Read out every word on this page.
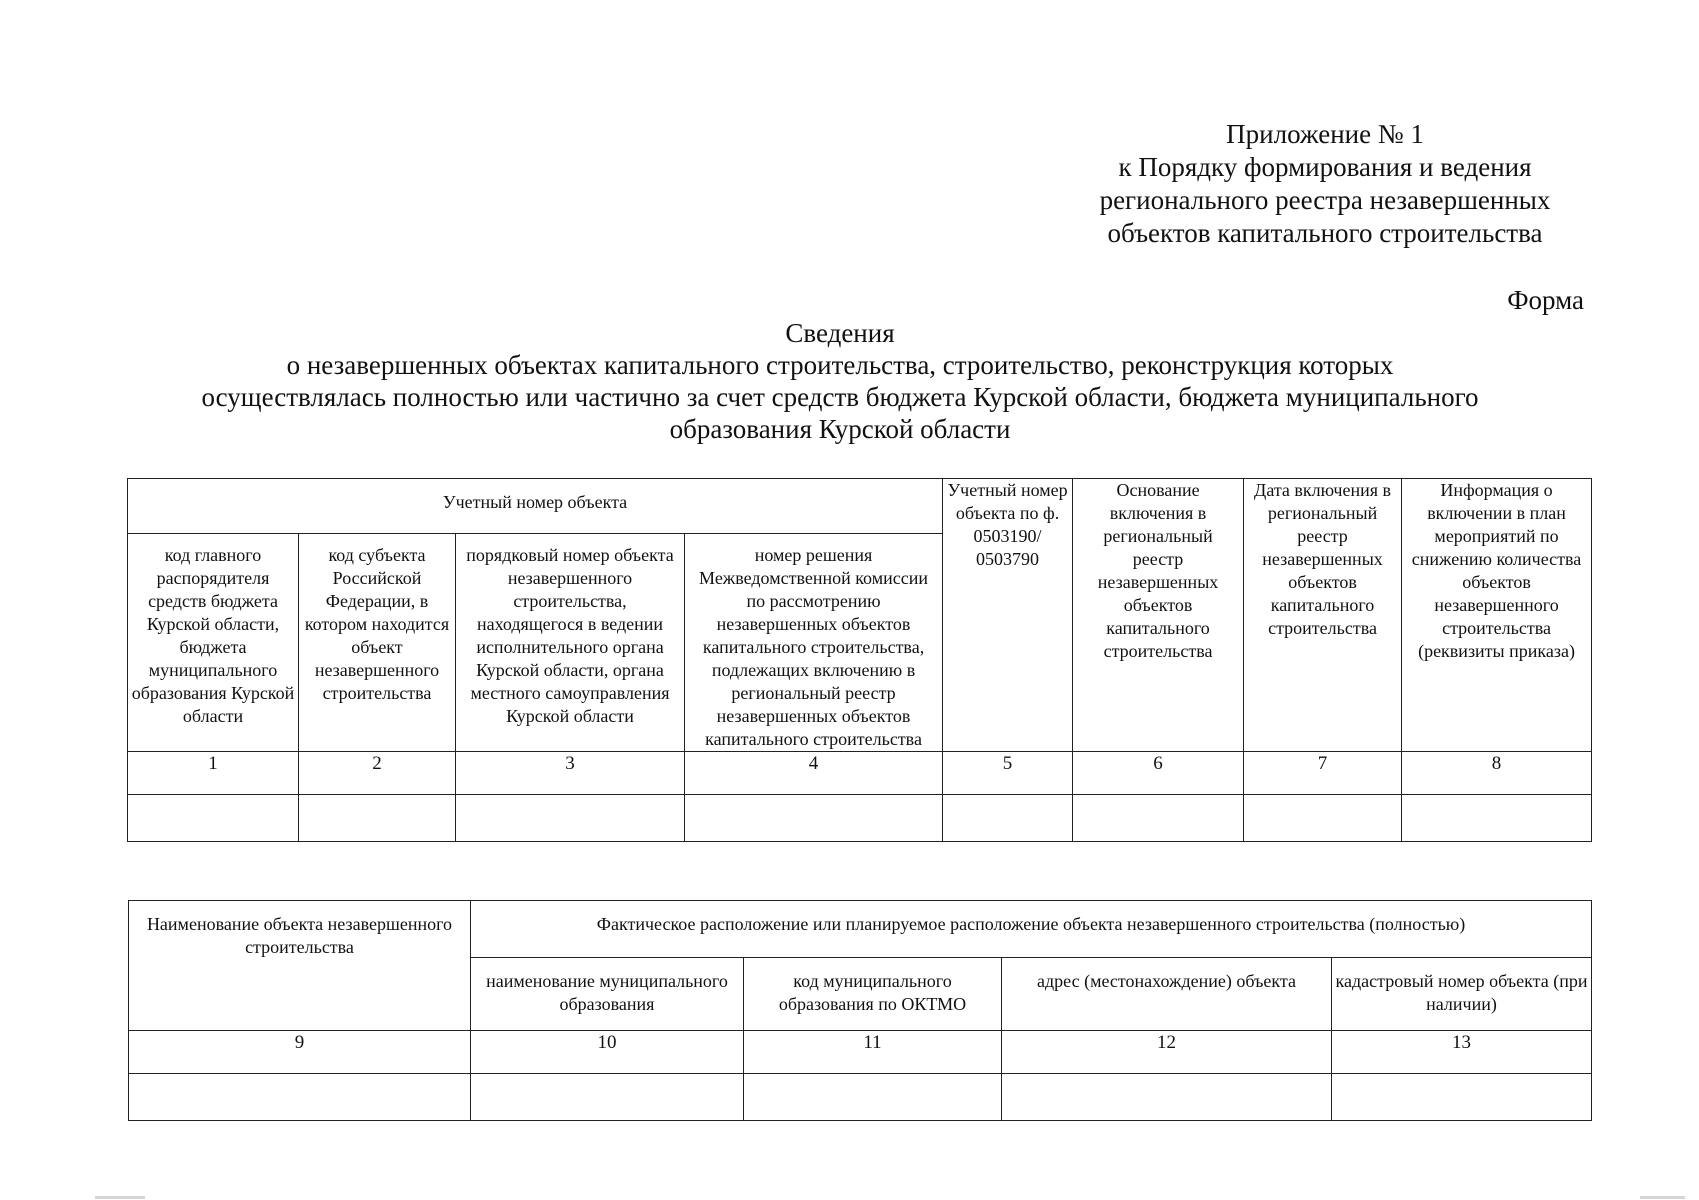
Приложение № 1
к Порядку формирования и ведения
регионального реестра незавершенных
объектов капитального строительства
Форма
Сведения
о незавершенных объектах капитального строительства, строительство, реконструкция которых
осуществлялась полностью или частично за счет средств бюджета Курской области, бюджета муниципального
образования Курской области
Учетный номер объекта				Учетный номер объекта по ф. 0503190/ 0503790	Основание включения в региональный реестр незавершенных объектов капитального строительства	Дата включения в региональный реестр незавершенных объектов капитального строительства	Информация о включении в план мероприятий по снижению количества объектов незавершенного строительства (реквизиты приказа)
код главного распорядителя средств бюджета Курской области, бюджета муниципального образования Курской области	код субъекта Российской Федерации, в котором находится объект незавершенного строительства	порядковый номер объекта незавершенного строительства, находящегося в ведении исполнительного органа Курской области, органа местного самоуправления Курской области	номер решения Межведомственной комиссии по рассмотрению незавершенных объектов капитального строительства, подлежащих включению в региональный реестр незавершенных объектов капитального строительства				
1	2	3	4	5	6	7	8

Наименование объекта незавершенного строительства	Фактическое расположение или планируемое расположение объекта незавершенного строительства (полностью)			
	наименование муниципального образования	код муниципального образования по ОКТМО	адрес (местонахождение) объекта	кадастровый номер объекта (при наличии)
9	10	11	12	13
